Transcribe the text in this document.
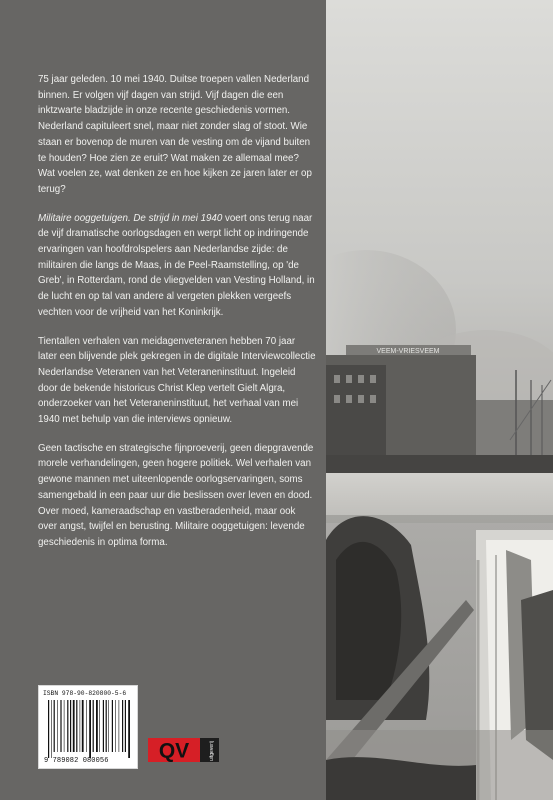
75 jaar geleden. 10 mei 1940. Duitse troepen vallen Nederland binnen. Er volgen vijf dagen van strijd. Vijf dagen die een inktzwarte bladzijde in onze recente geschiedenis vormen. Nederland capituleert snel, maar niet zonder slag of stoot. Wie staan er bovenop de muren van de vesting om de vijand buiten te houden? Hoe zien ze eruit? Wat maken ze allemaal mee? Wat voelen ze, wat denken ze en hoe kijken ze jaren later er op terug?

Militaire ooggetuigen. De strijd in mei 1940 voert ons terug naar de vijf dramatische oorlogsdagen en werpt licht op indringende ervaringen van hoofdrolspelers aan Nederlandse zijde: de militairen die langs de Maas, in de Peel-Raamstelling, op 'de Greb', in Rotterdam, rond de vliegvelden van Vesting Holland, in de lucht en op tal van andere al vergeten plekken vergeefs vechten voor de vrijheid van het Koninkrijk.

Tientallen verhalen van meidagenveteranen hebben 70 jaar later een blijvende plek gekregen in de digitale Interviewcollectie Nederlandse Veteranen van het Veteraneninstituut. Ingeleid door de bekende historicus Christ Klep vertelt Gielt Algra, onderzoeker van het Veteraneninstituut, het verhaal van mei 1940 met behulp van die interviews opnieuw.

Geen tactische en strategische fijnproeverij, geen diepgravende morele verhandelingen, geen hogere politiek. Wel verhalen van gewone mannen met uiteenlopende oorlogservaringen, soms samengebald in een paar uur die beslissen over leven en dood. Over moed, kameraadschap en vastberadenheid, maar ook over angst, twijfel en berusting. Militaire ooggetuigen: levende geschiedenis in optima forma.

ISBN 978-90-820800-5-6
9 789082 080056 QV	uitgeverij
VEEM-VRIESVEEM
